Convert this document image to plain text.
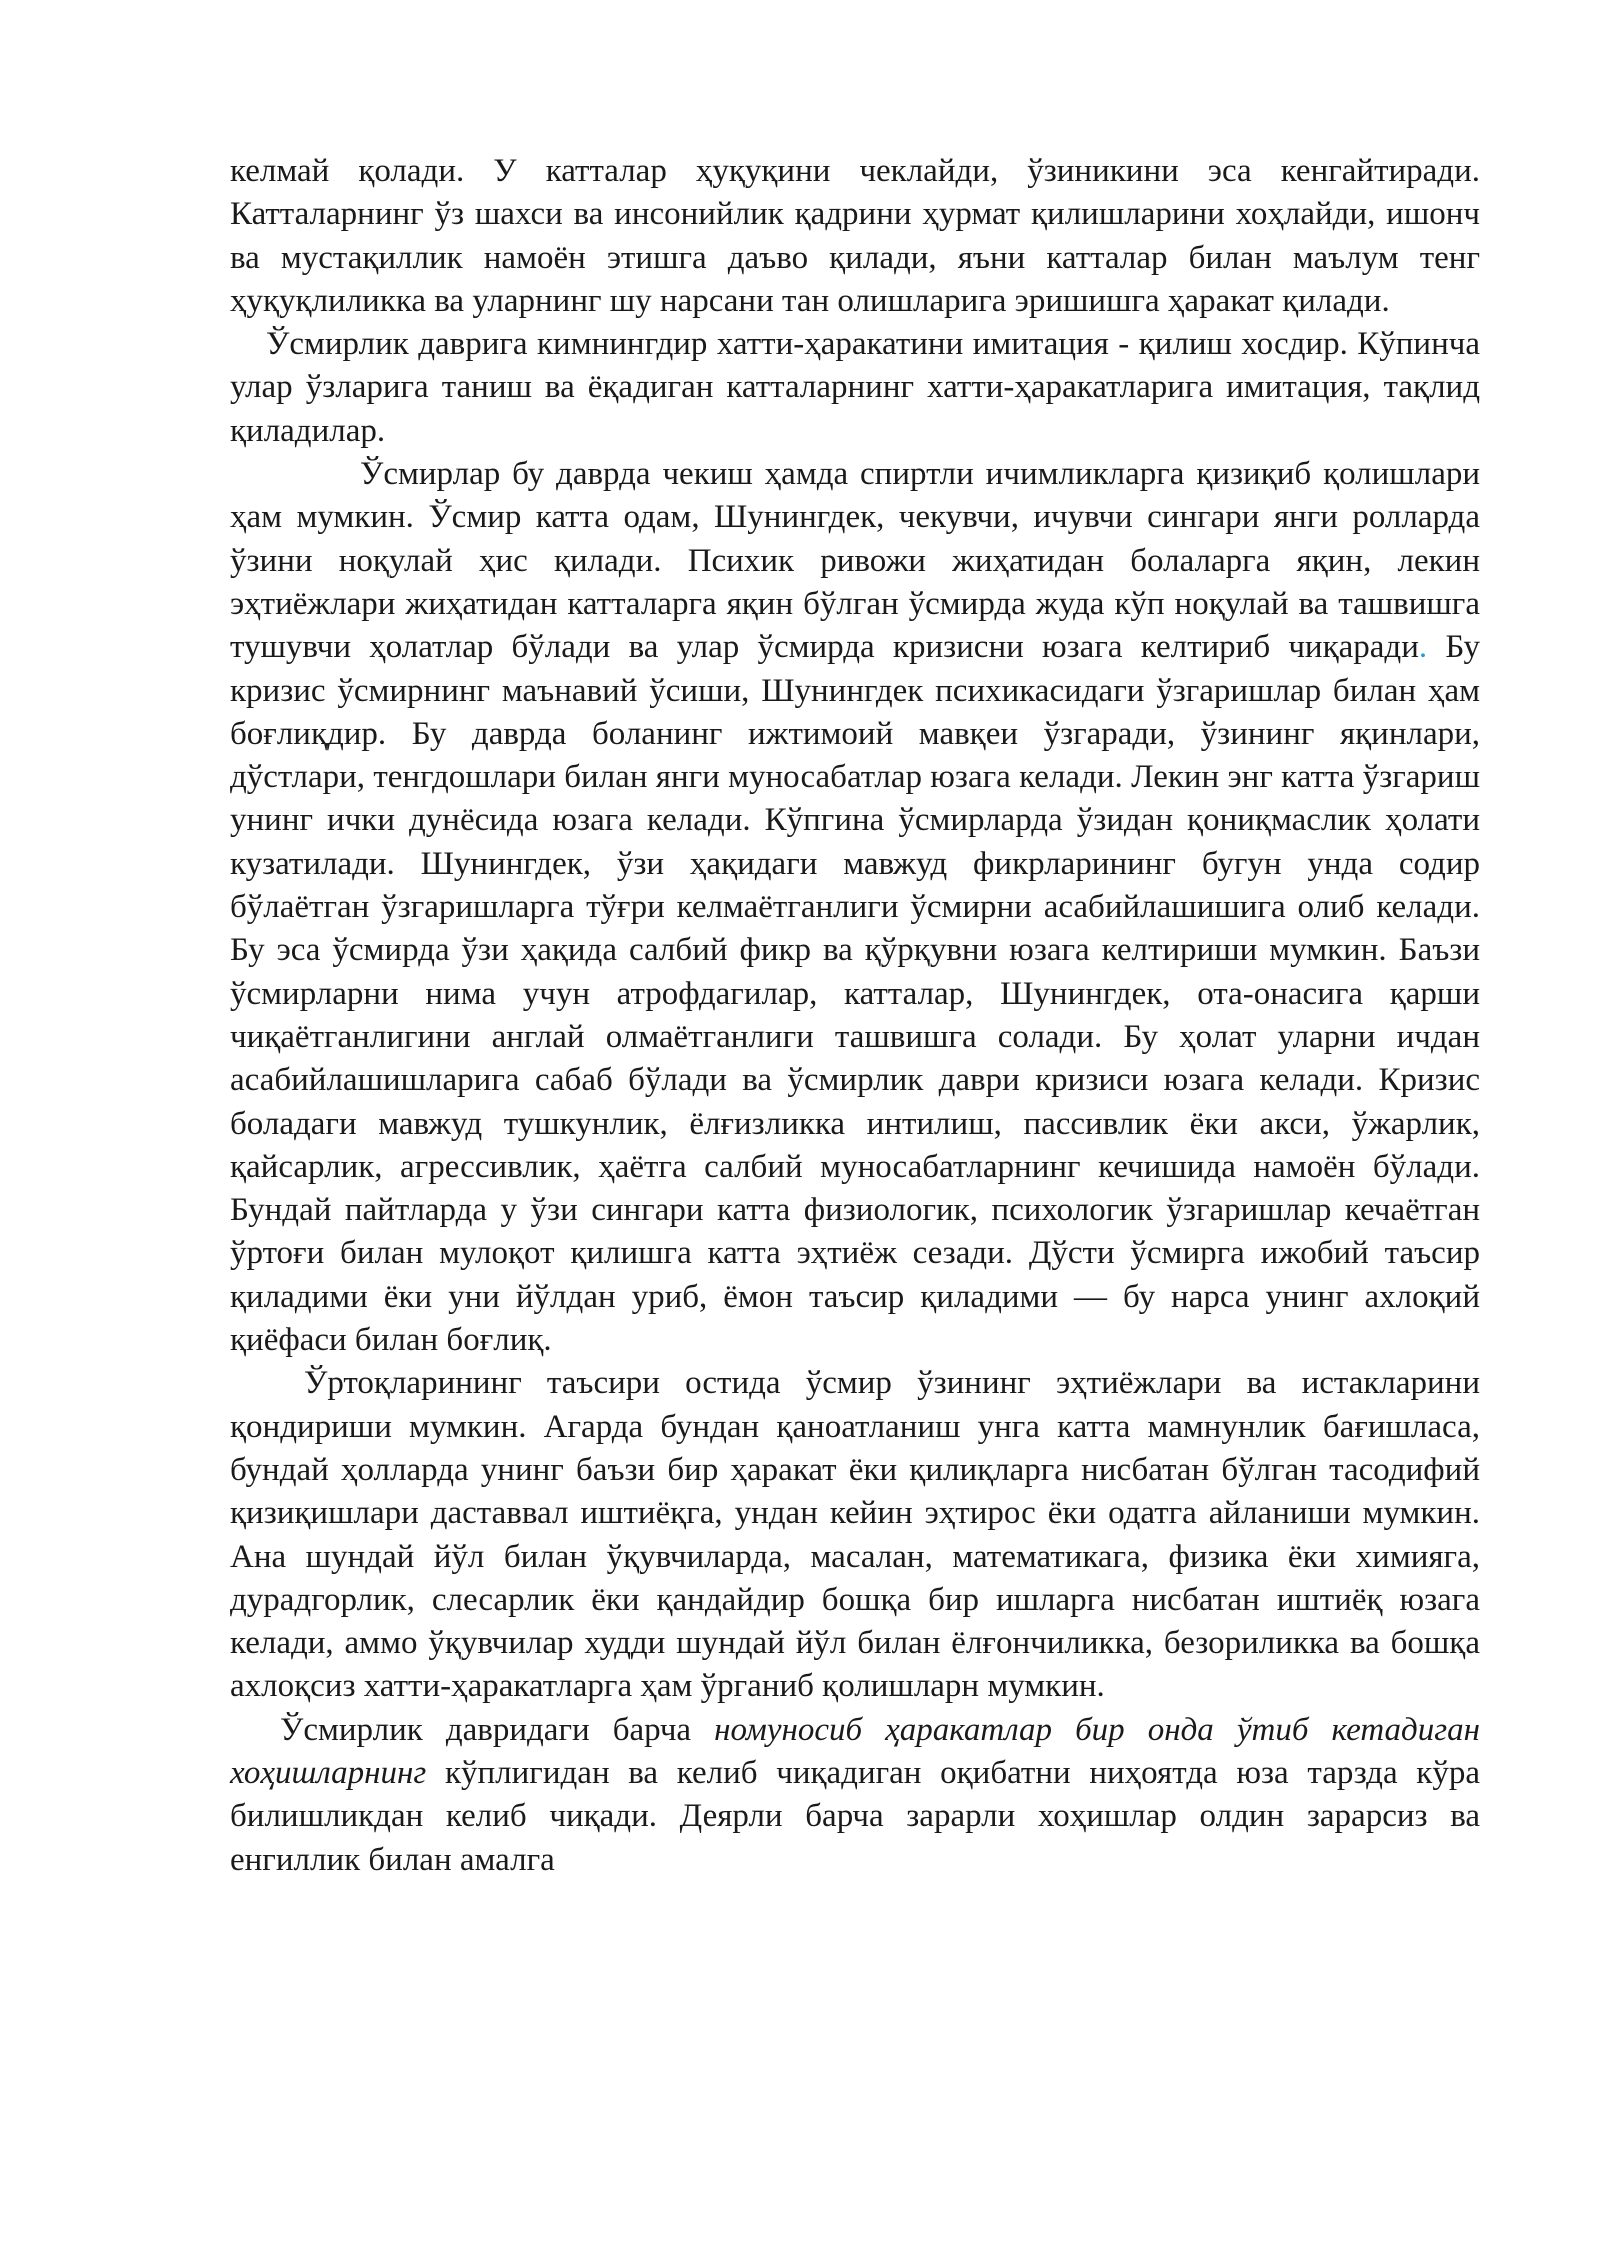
келмай қолади. У катталар ҳуқуқини чеклайди, ўзиникини эса кенгайтиради. Катталарнинг ўз шахси ва инсонийлик қадрини ҳурмат қилишларини хоҳлайди, ишонч ва мустақиллик намоён этишга даъво қилади, яъни катталар билан маълум тенг ҳуқуқлиликка ва уларнинг шу нарсани тан олишларига эришишга ҳаракат қилади.

Ўсмирлик даврига кимнингдир хатти-ҳаракатини имитация - қилиш хосдир. Кўпинча улар ўзларига таниш ва ёқадиган катталарнинг хатти-ҳаракатларига имитация, тақлид қиладилар.

Ўсмирлар бу даврда чекиш ҳамда спиртли ичимликларга қизиқиб қолишлари ҳам мумкин. Ўсмир катта одам, Шунингдек, чекувчи, ичувчи сингари янги ролларда ўзини ноқулай ҳис қилади. Психик ривожи жиҳатидан болаларга яқин, лекин эҳтиёжлари жиҳатидан катталарга яқин бўлган ўсмирда жуда кўп ноқулай ва ташвишга тушувчи ҳолатлар бўлади ва улар ўсмирда кризисни юзага келтириб чиқаради. Бу кризис ўсмирнинг маънавий ўсиши, Шунингдек психикасидаги ўзгаришлар билан ҳам боғлиқдир. Бу даврда боланинг ижтимоий мавқеи ўзгаради, ўзининг яқинлари, дўстлари, тенгдошлари билан янги муносабатлар юзага келади. Лекин энг катта ўзгариш унинг ички дунёсида юзага келади. Кўпгина ўсмирларда ўзидан қониқмаслик ҳолати кузатилади. Шунингдек, ўзи ҳақидаги мавжуд фикрларининг бугун унда содир бўлаётган ўзгаришларга тўғри келмаётганлиги ўсмирни асабийлашишига олиб келади. Бу эса ўсмирда ўзи ҳақида салбий фикр ва қўрқувни юзага келтириши мумкин. Баъзи ўсмирларни нима учун атрофдагилар, катталар, Шунингдек, ота-онасига қарши чиқаётганлигини англай олмаётганлиги ташвишга солади. Бу ҳолат уларни ичдан асабийлашишларига сабаб бўлади ва ўсмирлик даври кризиси юзага келади. Кризис боладаги мавжуд тушкунлик, ёлғизликка интилиш, пассивлик ёки акси, ўжарлик, қайсарлик, агрессивлик, ҳаётга салбий муносабатларнинг кечишида намоён бўлади. Бундай пайтларда у ўзи сингари катта физиологик, психологик ўзгаришлар кечаётган ўртоғи билан мулоқот қилишга катта эҳтиёж сезади. Дўсти ўсмирга ижобий таъсир қиладими ёки уни йўлдан уриб, ёмон таъсир қиладими — бу нарса унинг ахлоқий қиёфаси билан боғлиқ.

Ўртоқларининг таъсири остида ўсмир ўзининг эҳтиёжлари ва истакларини қондириши мумкин. Агарда бундан қаноатланиш унга катта мамнунлик бағишласа, бундай ҳолларда унинг баъзи бир ҳаракат ёки қилиқларга нисбатан бўлган тасодифий қизиқишлари даставвал иштиёқга, ундан кейин эҳтирос ёки одатга айланиши мумкин. Ана шундай йўл билан ўқувчиларда, масалан, математикага, физика ёки химияга, дурадгорлик, слесарлик ёки қандайдир бошқа бир ишларга нисбатан иштиёқ юзага келади, аммо ўқувчилар худди шундай йўл билан ёлғончиликка, безориликка ва бошқа ахлоқсиз хатти-ҳаракатларга ҳам ўрганиб қолишларн мумкин.

Ўсмирлик давридаги барча номуносиб ҳаракатлар бир онда ўтиб кетадиган хоҳишларнинг кўплигидан ва келиб чиқадиган оқибатни ниҳоятда юза тарзда кўра билишликдан келиб чиқади. Деярли барча зарарли хоҳишлар олдин зарарсиз ва енгиллик билан амалга
